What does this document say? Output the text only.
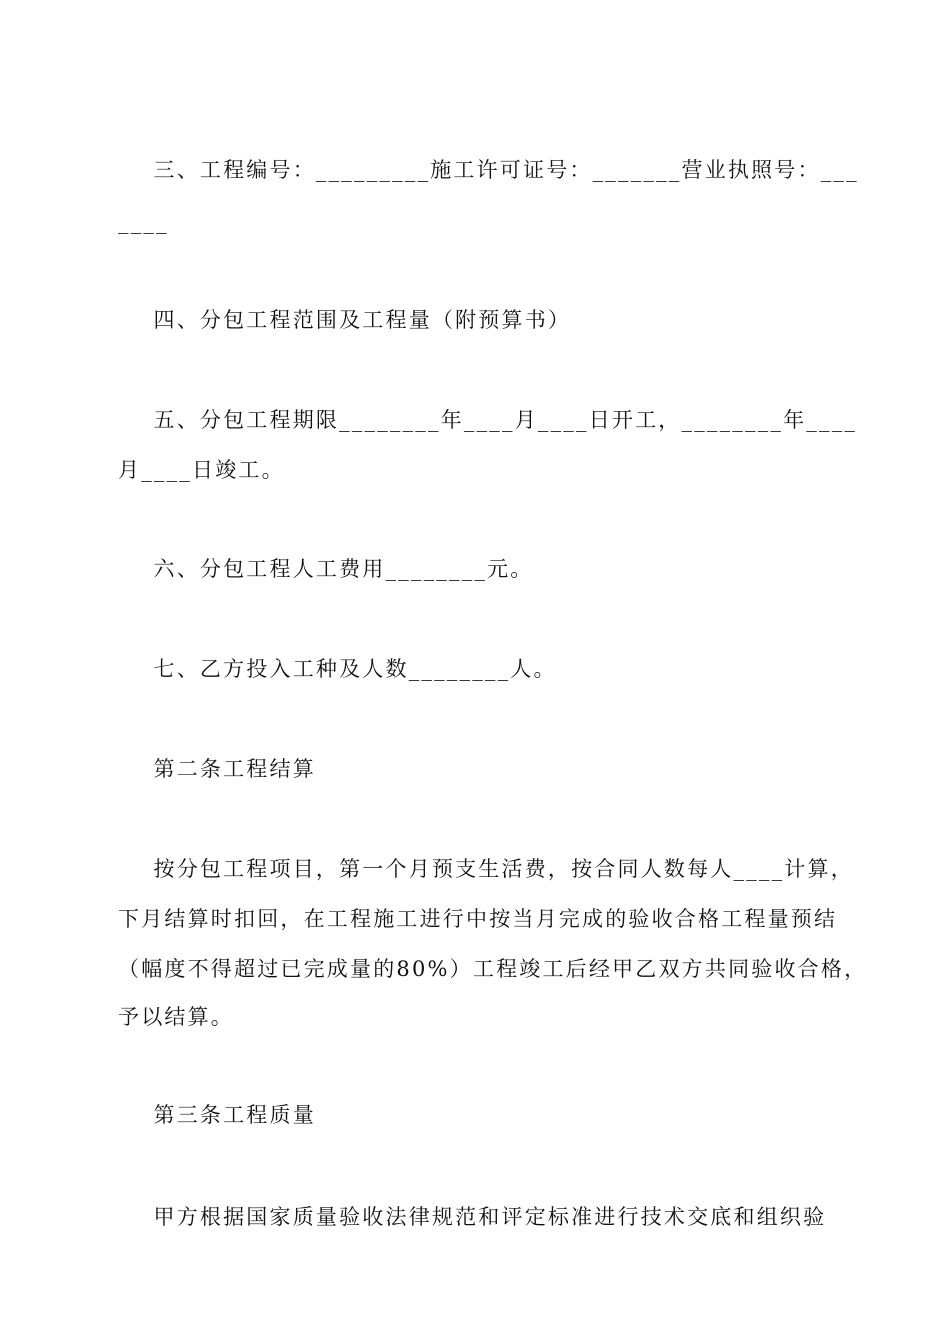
三、工程编号：_________施工许可证号：_______营业执照号：___
____
四、分包工程范围及工程量（附预算书）
五、分包工程期限________年____月____日开工，________年____
月____日竣工。
六、分包工程人工费用________元。
七、乙方投入工种及人数________人。
第二条工程结算
按分包工程项目，第一个月预支生活费，按合同人数每人____计算，
下月结算时扣回，在工程施工进行中按当月完成的验收合格工程量预结
（幅度不得超过已完成量的80%）工程竣工后经甲乙双方共同验收合格，
予以结算。
第三条工程质量
甲方根据国家质量验收法律规范和评定标准进行技术交底和组织验
